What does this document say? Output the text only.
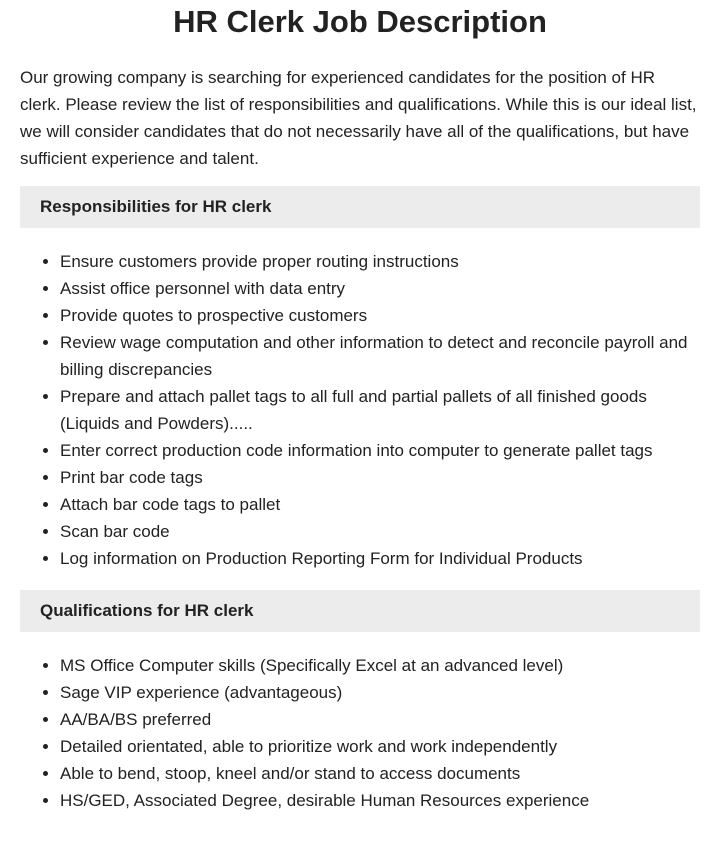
HR Clerk Job Description

Our growing company is searching for experienced candidates for the position of HR clerk. Please review the list of responsibilities and qualifications. While this is our ideal list, we will consider candidates that do not necessarily have all of the qualifications, but have sufficient experience and talent.

Responsibilities for HR clerk
• Ensure customers provide proper routing instructions
• Assist office personnel with data entry
• Provide quotes to prospective customers
• Review wage computation and other information to detect and reconcile payroll and billing discrepancies
• Prepare and attach pallet tags to all full and partial pallets of all finished goods (Liquids and Powders).....
• Enter correct production code information into computer to generate pallet tags
• Print bar code tags
• Attach bar code tags to pallet
• Scan bar code
• Log information on Production Reporting Form for Individual Products
Qualifications for HR clerk
• MS Office Computer skills (Specifically Excel at an advanced level)
• Sage VIP experience (advantageous)
• AA/BA/BS preferred
• Detailed orientated, able to prioritize work and work independently
• Able to bend, stoop, kneel and/or stand to access documents
• HS/GED, Associated Degree, desirable Human Resources experience
